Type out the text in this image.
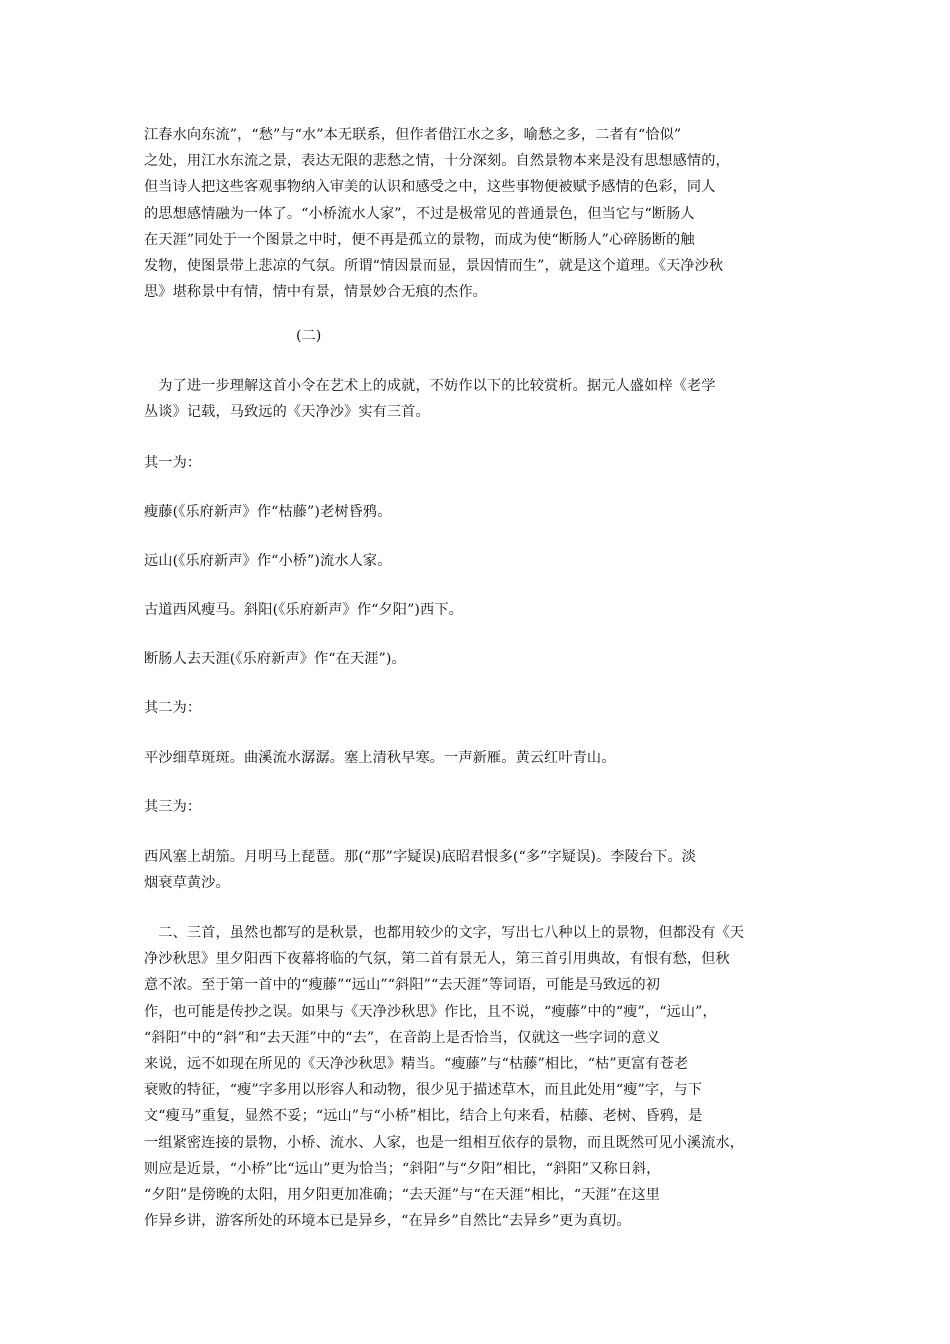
江春水向东流”，“愁”与“水”本无联系，但作者借江水之多，喻愁之多，二者有“恰似”
之处，用江水东流之景，表达无限的悲愁之情，十分深刻。自然景物本来是没有思想感情的，
但当诗人把这些客观事物纳入审美的认识和感受之中，这些事物便被赋予感情的色彩，同人
的思想感情融为一体了。“小桥流水人家”，不过是极常见的普通景色，但当它与“断肠人
在天涯”同处于一个图景之中时，便不再是孤立的景物，而成为使“断肠人”心碎肠断的触
发物，使图景带上悲凉的气氛。所谓“情因景而显，景因情而生”，就是这个道理。《天净沙秋
思》堪称景中有情，情中有景，情景妙合无痕的杰作。

(二)

　为了进一步理解这首小令在艺术上的成就，不妨作以下的比较赏析。据元人盛如梓《老学
丛谈》记载，马致远的《天净沙》实有三首。
其一为：
瘦藤(《乐府新声》作“枯藤”)老树昏鸦。
远山(《乐府新声》作“小桥”)流水人家。
古道西风瘦马。斜阳(《乐府新声》作“夕阳”)西下。
断肠人去天涯(《乐府新声》作“在天涯”)。
其二为：
平沙细草斑斑。曲溪流水潺潺。塞上清秋早寒。一声新雁。黄云红叶青山。
其三为：
西风塞上胡笳。月明马上琵琶。那(“那”字疑误)底昭君恨多(“多”字疑误)。李陵台下。淡
烟衰草黄沙。
　二、三首，虽然也都写的是秋景，也都用较少的文字，写出七八种以上的景物，但都没有《天
净沙秋思》里夕阳西下夜幕将临的气氛，第二首有景无人，第三首引用典故，有恨有愁，但秋
意不浓。至于第一首中的“瘦藤”“远山”“斜阳”“去天涯”等词语，可能是马致远的初
作，也可能是传抄之误。如果与《天净沙秋思》作比，且不说，“瘦藤”中的“瘦”，“远山”，
“斜阳”中的“斜”和“去天涯”中的“去”，在音韵上是否恰当，仅就这一些字词的意义
来说，远不如现在所见的《天净沙秋思》精当。“瘦藤”与“枯藤”相比，“枯”更富有苍老
衰败的特征，“瘦”字多用以形容人和动物，很少见于描述草木，而且此处用“瘦”字，与下
文“瘦马”重复，显然不妥；“远山”与“小桥”相比，结合上句来看，枯藤、老树、昏鸦，是
一组紧密连接的景物，小桥、流水、人家，也是一组相互依存的景物，而且既然可见小溪流水，
则应是近景，“小桥”比“远山”更为恰当；“斜阳”与“夕阳”相比，“斜阳”又称日斜，
“夕阳”是傍晚的太阳，用夕阳更加准确；“去天涯”与“在天涯”相比，“天涯”在这里
作异乡讲，游客所处的环境本已是异乡，“在异乡”自然比“去异乡”更为真切。
